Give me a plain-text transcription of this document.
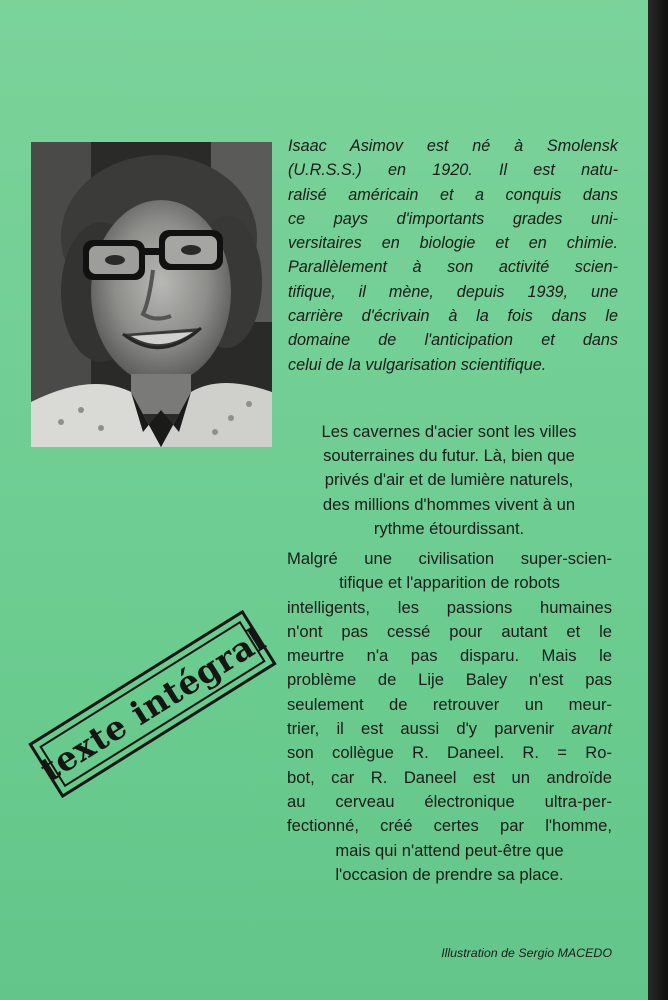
Isaac Asimov est né à Smolensk
(U.R.S.S.) en 1920. Il est natu-
ralisé américain et a conquis dans
ce pays d'importants grades uni-
versitaires en biologie et en chimie.
Parallèlement à son activité scien-
tifique, il mène, depuis 1939, une
carrière d'écrivain à la fois dans le
domaine de l'anticipation et dans
celui de la vulgarisation scientifique.

Les cavernes d'acier sont les villes
souterraines du futur. Là, bien que
privés d'air et de lumière naturels,
des millions d'hommes vivent à un
rythme étourdissant.

Malgré une civilisation super-scien-
tifique et l'apparition de robots
intelligents, les passions humaines
n'ont pas cessé pour autant et le
meurtre n'a pas disparu. Mais le
problème de Lije Baley n'est pas
seulement de retrouver un meur-
trier, il est aussi d'y parvenir avant
son collègue R. Daneel. R. = Ro-
bot, car R. Daneel est un androïde
au cerveau électronique ultra-per-
fectionné, créé certes par l'homme,
mais qui n'attend peut-être que
l'occasion de prendre sa place.

texte intégral
Illustration de Sergio MACEDO
